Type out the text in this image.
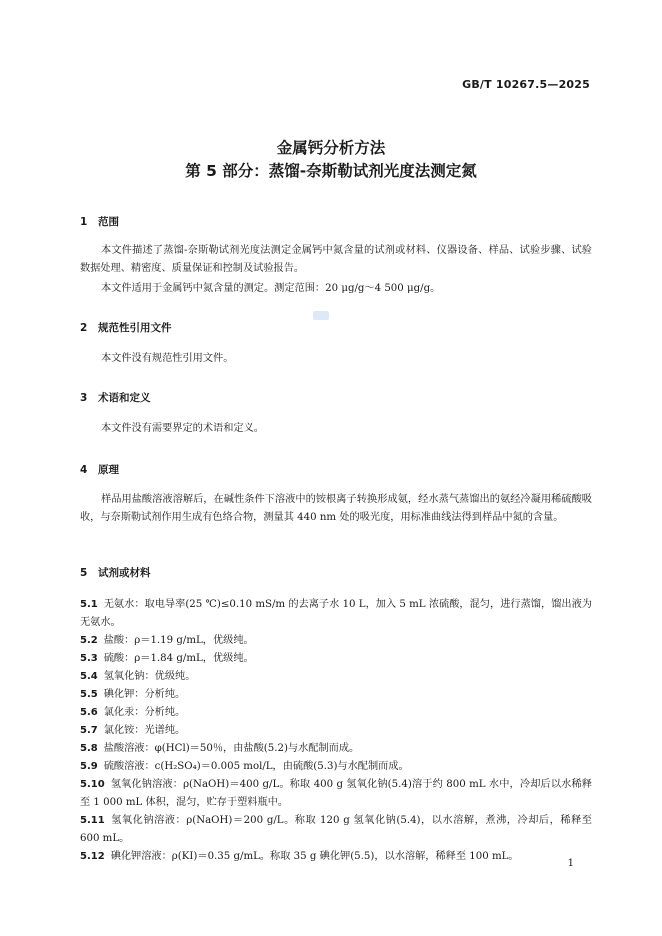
GB/T 10267.5—2025
金属钙分析方法
第 5 部分：蒸馏-奈斯勒试剂光度法测定氮
1 范围
本文件描述了蒸馏-奈斯勒试剂光度法测定金属钙中氮含量的试剂或材料、仪器设备、样品、试验步骤、试验数据处理、精密度、质量保证和控制及试验报告。
本文件适用于金属钙中氮含量的测定。测定范围：20 μg/g～4 500 μg/g。
2 规范性引用文件
本文件没有规范性引用文件。
3 术语和定义
本文件没有需要界定的术语和定义。
4 原理
样品用盐酸溶液溶解后，在碱性条件下溶液中的铵根离子转换形成氨，经水蒸气蒸馏出的氨经冷凝用稀硫酸吸收，与奈斯勒试剂作用生成有色络合物，测量其 440 nm 处的吸光度，用标准曲线法得到样品中氮的含量。
5 试剂或材料
5.1 无氨水：取电导率(25 ℃)≤0.10 mS/m 的去离子水 10 L，加入 5 mL 浓硫酸，混匀，进行蒸馏，馏出液为无氨水。
5.2 盐酸：ρ＝1.19 g/mL，优级纯。
5.3 硫酸：ρ＝1.84 g/mL，优级纯。
5.4 氢氧化钠：优级纯。
5.5 碘化钾：分析纯。
5.6 氯化汞：分析纯。
5.7 氯化铵：光谱纯。
5.8 盐酸溶液：φ(HCl)＝50％，由盐酸(5.2)与水配制而成。
5.9 硫酸溶液：c(H₂SO₄)＝0.005 mol/L，由硫酸(5.3)与水配制而成。
5.10 氢氧化钠溶液：ρ(NaOH)＝400 g/L。称取 400 g 氢氧化钠(5.4)溶于约 800 mL 水中，冷却后以水稀释至 1 000 mL 体积，混匀，贮存于塑料瓶中。
5.11 氢氧化钠溶液：ρ(NaOH)＝200 g/L。称取 120 g 氢氧化钠(5.4)，以水溶解，煮沸，冷却后，稀释至 600 mL。
5.12 碘化钾溶液：ρ(KI)＝0.35 g/mL。称取 35 g 碘化钾(5.5)，以水溶解，稀释至 100 mL。
1
